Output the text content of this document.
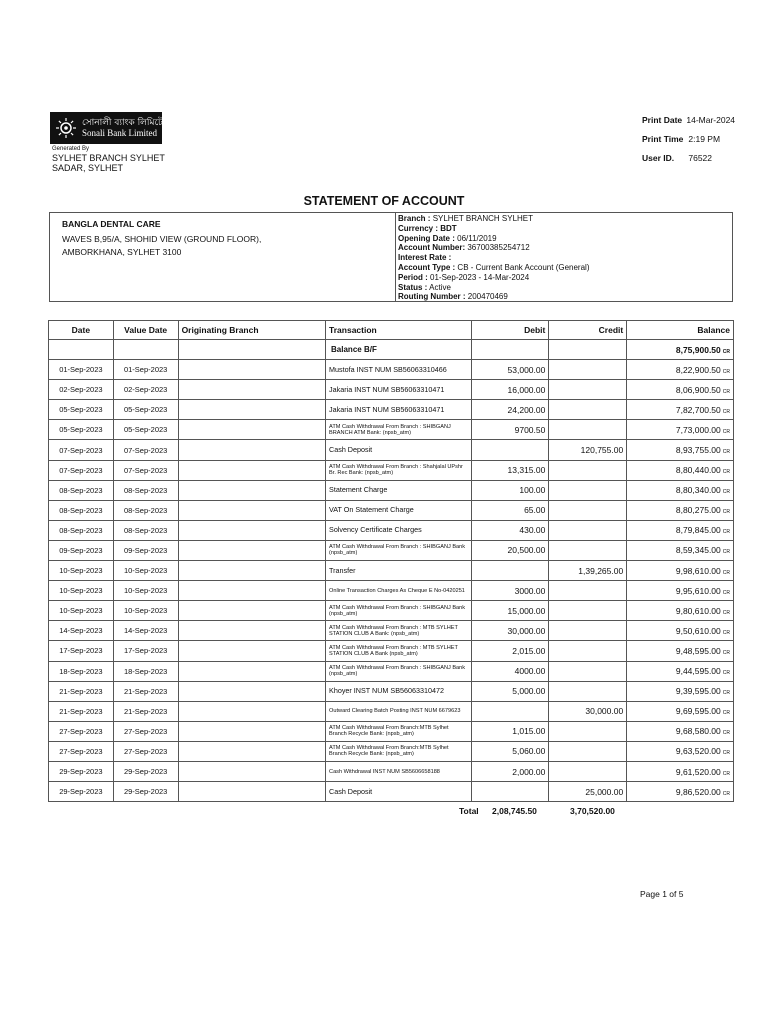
সোনালী ব্যাংক লিমিটেড
Sonali Bank Limited
Generated By
SYLHET BRANCH SYLHET SADAR, SYLHET
Print Date 14-Mar-2024
Print Time 2:19 PM
User ID. 76522
STATEMENT OF ACCOUNT
BANGLA DENTAL CARE
WAVES B,95/A, SHOHID VIEW (GROUND FLOOR),
AMBORKHANA, SYLHET 3100
Branch : SYLHET BRANCH SYLHET
Currency : BDT
Opening Date : 06/11/2019
Account Number: 36700385254712
Interest Rate :
Account Type : CB - Current Bank Account (General)
Period : 01-Sep-2023 - 14-Mar-2024
Status : Active
Routing Number : 200470469
Date	Value Date	Originating Branch	Transaction	Debit	Credit	Balance
			Balance B/F			8,75,900.50 CR
01-Sep-2023	01-Sep-2023		Mustofa INST NUM SB56063310466	53,000.00		8,22,900.50 CR
02-Sep-2023	02-Sep-2023		Jakaria INST NUM SB56063310471	16,000.00		8,06,900.50 CR
05-Sep-2023	05-Sep-2023		Jakaria INST NUM SB56063310471	24,200.00		7,82,700.50 CR
05-Sep-2023	05-Sep-2023		ATM Cash Withdrawal From Branch : SHIBGANJ BRANCH ATM Bank: (npsb_atm)	9700.50		7,73,000.00 CR
07-Sep-2023	07-Sep-2023		Cash Deposit		120,755.00	8,93,755.00 CR
07-Sep-2023	07-Sep-2023		ATM Cash Withdrawal From Branch : Shahjalal UPshr Br. Rec Bank: (npsb_atm)	13,315.00		8,80,440.00 CR
08-Sep-2023	08-Sep-2023		Statement Charge	100.00		8,80,340.00 CR
08-Sep-2023	08-Sep-2023		VAT On Statement Charge	65.00		8,80,275.00 CR
08-Sep-2023	08-Sep-2023		Solvency Certificate Charges	430.00		8,79,845.00 CR
09-Sep-2023	09-Sep-2023		ATM Cash Withdrawal From Branch : SHIBGANJ Bank (npsb_atm)	20,500.00		8,59,345.00 CR
10-Sep-2023	10-Sep-2023		Transfer		1,39,265.00	9,98,610.00 CR
10-Sep-2023	10-Sep-2023		Online Transaction Charges As Cheque E No-0420251	3000.00		9,95,610.00 CR
10-Sep-2023	10-Sep-2023		ATM Cash Withdrawal From Branch : SHIBGANJ Bank (npsb_atm)	15,000.00		9,80,610.00 CR
14-Sep-2023	14-Sep-2023		ATM Cash Withdrawal From Branch : MTB SYLHET STATION CLUB A Bank: (npsb_atm)	30,000.00		9,50,610.00 CR
17-Sep-2023	17-Sep-2023		ATM Cash Withdrawal From Branch : MTB SYLHET STATION CLUB A Bank (npsb_atm)	2,015.00		9,48,595.00 CR
18-Sep-2023	18-Sep-2023		ATM Cash Withdrawal From Branch : SHIBGANJ Bank (npsb_atm)	4000.00		9,44,595.00 CR
21-Sep-2023	21-Sep-2023		Khoyer INST NUM SB56063310472	5,000.00		9,39,595.00 CR
21-Sep-2023	21-Sep-2023		Outward Clearing Batch Posting INST NUM 6679623		30,000.00	9,69,595.00 CR
27-Sep-2023	27-Sep-2023		ATM Cash Withdrawal From Branch:MTB Sylhet Branch Recycle Bank: (npsb_atm)	1,015.00		9,68,580.00 CR
27-Sep-2023	27-Sep-2023		ATM Cash Withdrawal From Branch:MTB Sylhet Branch Recycle Bank: (npsb_atm)	5,060.00		9,63,520.00 CR
29-Sep-2023	29-Sep-2023		Cash Withdrawal INST NUM SB5606658188	2,000.00		9,61,520.00 CR
29-Sep-2023	29-Sep-2023		Cash Deposit		25,000.00	9,86,520.00 CR
Total 2,08,745.50	3,70,520.00
Page 1 of 5
